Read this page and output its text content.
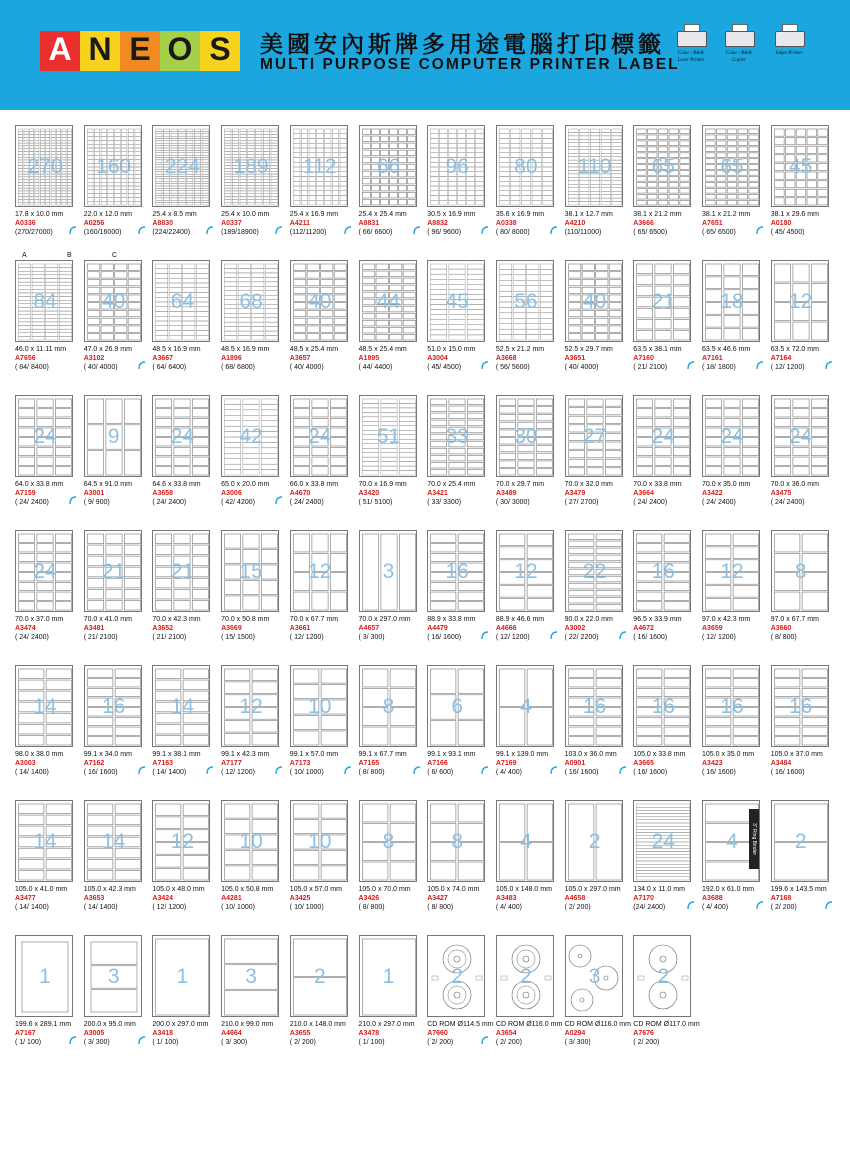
A N E O S	美國安內斯牌多用途電腦打印標籤
MULTI PURPOSE COMPUTER PRINTER LABEL
Color / B&W
Laser Printer
Color / B&W
Copier
Inkjet Printer
270
17.8 x 10.0 mm
A0336
(270/27000)
160
22.0 x 12.0 mm
A0256
(160/16000)
224
25.4 x 8.5 mm
A8830
(224/22400)
189
25.4 x 10.0 mm
A0337
(189/18900)
112
25.4 x 16.9 mm
A4211
(112/11200)
66
25.4 x 25.4 mm
A8831
( 66/ 6600)
96
30.5 x 16.9 mm
A8832
( 96/ 9600)
80
35.6 x 16.9 mm
A0338
( 80/ 8000)
110
38.1 x 12.7 mm
A4210
(110/11000)
65
38.1 x 21.2 mm
A3666
( 65/ 6500)
65
38.1 x 21.2 mm
A7651
( 65/ 6500)
45
38.1 x 29.6 mm
A0180
( 45/ 4500)
84
46.0 x 11.11 mm
A7656
( 84/ 8400)
40
47.0 x 26.9 mm
A3102
( 40/ 4000)
64
48.5 x 16.9 mm
A3667
( 64/ 6400)
68
48.5 x 16.9 mm
A1896
( 68/ 6800)
40
48.5 x 25.4 mm
A3657
( 40/ 4000)
44
48.5 x 25.4 mm
A1895
( 44/ 4400)
45
51.0 x 15.0 mm
A3004
( 45/ 4500)
56
52.5 x 21.2 mm
A3668
( 56/ 5600)
40
52.5 x 29.7 mm
A3651
( 40/ 4000)
21
63.5 x 38.1 mm
A7160
( 21/ 2100)
18
63.5 x 46.6 mm
A7161
( 18/ 1800)
12
63.5 x 72.0 mm
A7164
( 12/ 1200)
24
64.0 x 33.8 mm
A7159
( 24/ 2400)
9
64.5 x 91.0 mm
A3001
( 9/ 900)
24
64.6 x 33.8 mm
A3658
( 24/ 2400)
42
65.0 x 20.0 mm
A3006
( 42/ 4200)
24
66.0 x 33.8 mm
A4670
( 24/ 2400)
51
70.0 x 16.9 mm
A3420
( 51/ 5100)
33
70.0 x 25.4 mm
A3421
( 33/ 3300)
30
70.0 x 29.7 mm
A3489
( 30/ 3000)
27
70.0 x 32.0 mm
A3479
( 27/ 2700)
24
70.0 x 33.8 mm
A3664
( 24/ 2400)
24
70.0 x 35.0 mm
A3422
( 24/ 2400)
24
70.0 x 36.0 mm
A3475
( 24/ 2400)
24
70.0 x 37.0 mm
A3474
( 24/ 2400)
21
70.0 x 41.0 mm
A3481
( 21/ 2100)
21
70.0 x 42.3 mm
A3652
( 21/ 2100)
15
70.0 x 50.8 mm
A3669
( 15/ 1500)
12
70.0 x 67.7 mm
A3661
( 12/ 1200)
3
70.0 x 297.0 mm
A4657
( 3/ 300)
16
88.9 x 33.8 mm
A4479
( 16/ 1600)
12
88.9 x 46.6 mm
A4666
( 12/ 1200)
22
90.0 x 22.0 mm
A3002
( 22/ 2200)
16
96.5 x 33.9 mm
A4672
( 16/ 1600)
12
97.0 x 42.3 mm
A3659
( 12/ 1200)
8
97.0 x 67.7 mm
A3660
( 8/ 800)
14
98.0 x 38.0 mm
A3003
( 14/ 1400)
16
99.1 x 34.0 mm
A7162
( 16/ 1600)
14
99.1 x 38.1 mm
A7163
( 14/ 1400)
12
99.1 x 42.3 mm
A7177
( 12/ 1200)
10
99.1 x 57.0 mm
A7173
( 10/ 1000)
8
99.1 x 67.7 mm
A7165
( 8/ 800)
6
99.1 x 93.1 mm
A7166
( 6/ 600)
4
99.1 x 139.0 mm
A7169
( 4/ 400)
16
103.0 x 36.0 mm
A0901
( 16/ 1600)
16
105.0 x 33.8 mm
A3665
( 16/ 1600)
16
105.0 x 35.0 mm
A3423
( 16/ 1600)
16
105.0 x 37.0 mm
A3484
( 16/ 1600)
14
105.0 x 41.0 mm
A3477
( 14/ 1400)
14
105.0 x 42.3 mm
A3653
( 14/ 1400)
12
105.0 x 48.0 mm
A3424
( 12/ 1200)
10
105.0 x 50.8 mm
A4281
( 10/ 1000)
10
105.0 x 57.0 mm
A3425
( 10/ 1000)
8
105.0 x 70.0 mm
A3426
( 8/ 800)
8
105.0 x 74.0 mm
A3427
( 8/ 800)
4
105.0 x 148.0 mm
A3483
( 4/ 400)
2
105.0 x 297.0 mm
A4658
( 2/ 200)
24
134.0 x 11.0 mm
A7170
(24/ 2400)
3" Ring Binder
4
192.0 x 61.0 mm
A3688
( 4/ 400)
2
199.6 x 143.5 mm
A7168
( 2/ 200)
1
199.6 x 289.1 mm
A7167
( 1/ 100)
3
200.0 x 95.0 mm
A3005
( 3/ 300)
1
200.0 x 297.0 mm
A3418
( 1/ 100)
3
210.0 x 99.0 mm
A4664
( 3/ 300)
2
210.0 x 148.0 mm
A3655
( 2/ 200)
1
210.0 x 297.0 mm
A3478
( 1/ 100)
2
CD ROM Ø114.5 mm
A7660
( 2/ 200)
2
CD ROM Ø116.0 mm
A3654
( 2/ 200)
3
CD ROM Ø116.0 mm
A0294
( 3/ 300)
2
CD ROM Ø117.0 mm
A7676
( 2/ 200)
A	B	C
